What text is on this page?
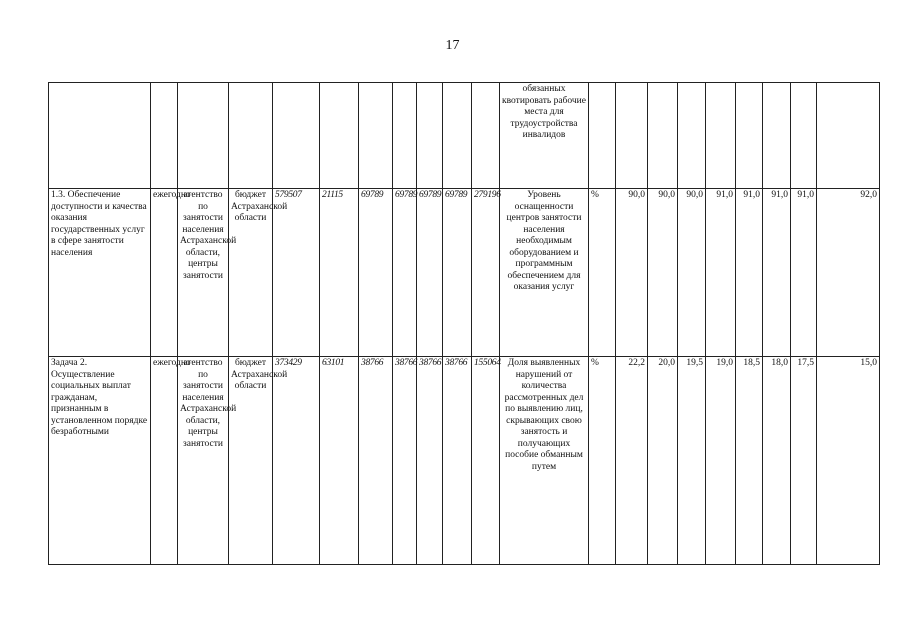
17
											обязанных квотировать рабочие места для трудоустройства инвалидов									
1.3. Обеспечение доступности и качества оказания государственных услуг в сфере занятости населения	ежегодно	агентство по занятости населения Астраханской области, центры занятости	бюджет Астраханской области	579507	21115	69789	69789	69789	69789	279196	Уровень оснащенности центров занятости населения необходимым оборудованием и программным обеспечением для оказания услуг	%	90,0	90,0	90,0	91,0	91,0	91,0	91,0	92,0
Задача 2. Осуществление социальных выплат гражданам, признанным в установленном порядке безработными	ежегодно	агентство по занятости населения Астраханской области, центры занятости	бюджет Астраханской области	373429	63101	38766	38766	38766	38766	155064	Доля выявленных нарушений от количества рассмотренных дел по выявлению лиц, скрывающих свою занятость и получающих пособие обманным путем	%	22,2	20,0	19,5	19,0	18,5	18,0	17,5	15,0
